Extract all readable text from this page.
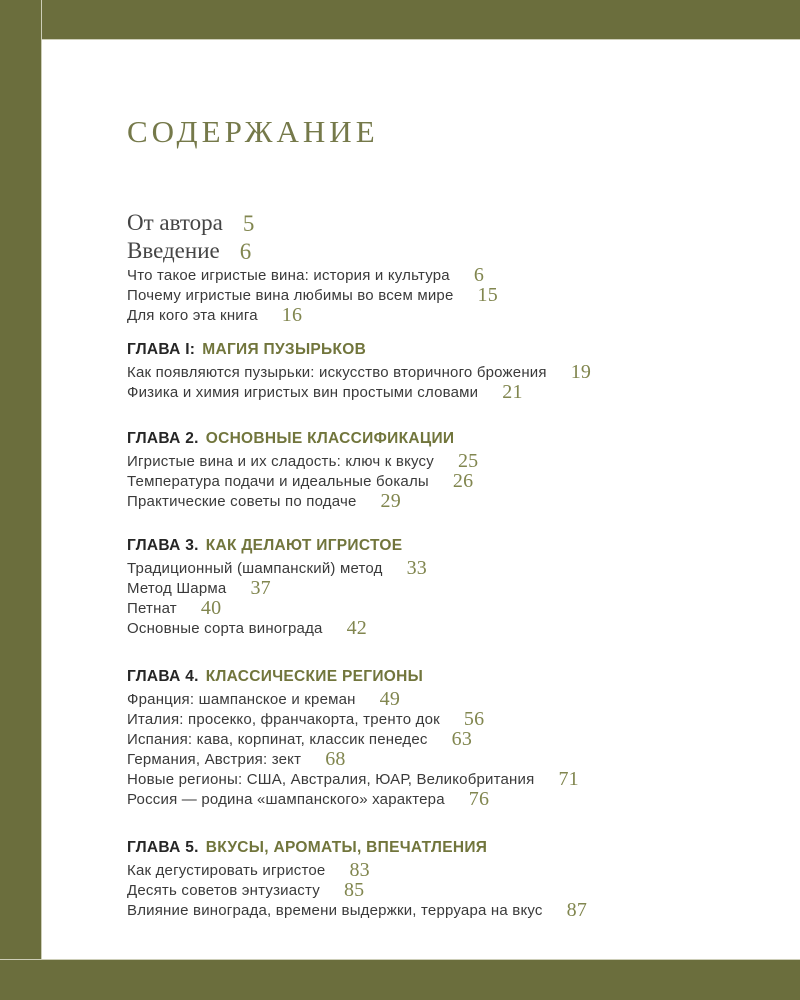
СОДЕРЖАНИЕ
От автора 5
Введение 6
Что такое игристые вина: история и культура 6
Почему игристые вина любимы во всем мире 15
Для кого эта книга 16
ГЛАВА I: МАГИЯ ПУЗЫРЬКОВ
Как появляются пузырьки: искусство вторичного брожения 19
Физика и химия игристых вин простыми словами 21
ГЛАВА 2. ОСНОВНЫЕ КЛАССИФИКАЦИИ
Игристые вина и их сладость: ключ к вкусу 25
Температура подачи и идеальные бокалы 26
Практические советы по подаче 29
ГЛАВА 3. КАК ДЕЛАЮТ ИГРИСТОЕ
Традиционный (шампанский) метод 33
Метод Шарма 37
Петнат 40
Основные сорта винограда 42
ГЛАВА 4. КЛАССИЧЕСКИЕ РЕГИОНЫ
Франция: шампанское и креман 49
Италия: просекко, франчакорта, тренто док 56
Испания: кава, корпинат, классик пенедес 63
Германия, Австрия: зект 68
Новые регионы: США, Австралия, ЮАР, Великобритания 71
Россия — родина «шампанского» характера 76
ГЛАВА 5. ВКУСЫ, АРОМАТЫ, ВПЕЧАТЛЕНИЯ
Как дегустировать игристое 83
Десять советов энтузиасту 85
Влияние винограда, времени выдержки, терруара на вкус 87
